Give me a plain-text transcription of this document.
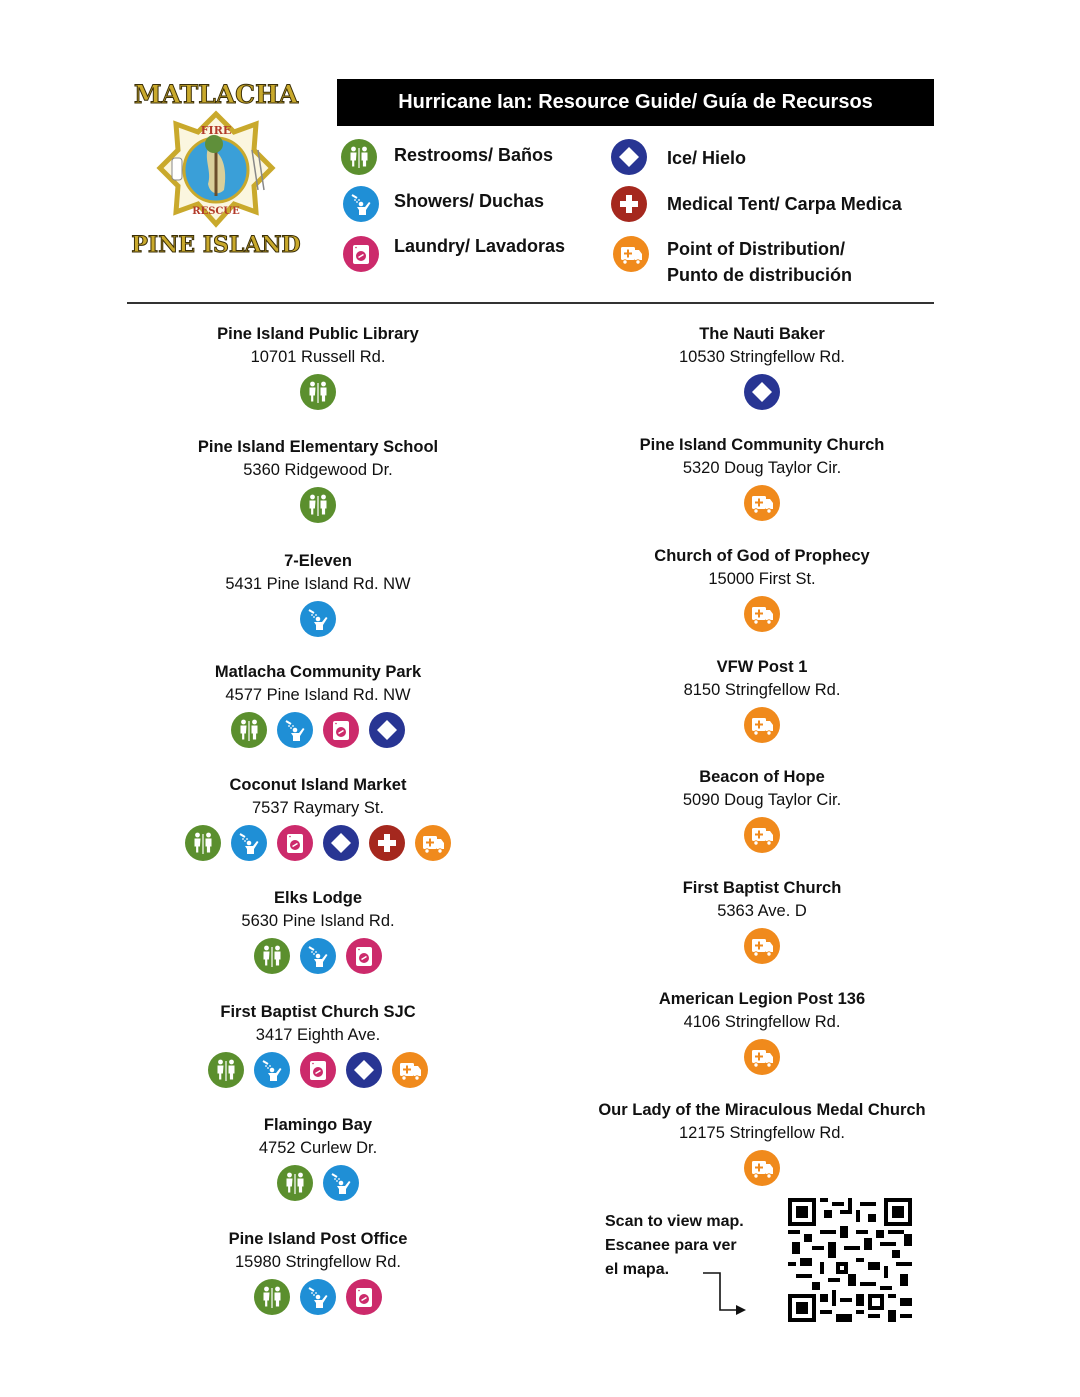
MATLACHA
FIRE
RESCUE
PINE ISLAND
Hurricane Ian: Resource Guide/ Guía de Recursos
Restrooms/ Baños
Showers/ Duchas
Laundry/ Lavadoras
Ice/ Hielo
Medical Tent/ Carpa Medica
Point of Distribution/
Punto de distribución
Pine Island Public Library
10701 Russell Rd.
Pine Island Elementary School
5360 Ridgewood Dr.
7-Eleven
5431 Pine Island Rd. NW
Matlacha Community Park
4577 Pine Island Rd. NW
Coconut Island Market
7537 Raymary St.
Elks Lodge
5630 Pine Island Rd.
First Baptist Church SJC
3417 Eighth Ave.
Flamingo Bay
4752 Curlew Dr.
Pine Island Post Office
15980 Stringfellow Rd.
The Nauti Baker
10530 Stringfellow Rd.
Pine Island Community Church
5320 Doug Taylor Cir.
Church of God of Prophecy
15000 First St.
VFW Post 1
8150 Stringfellow Rd.
Beacon of Hope
5090 Doug Taylor Cir.
First Baptist Church
5363 Ave. D
American Legion Post 136
4106 Stringfellow Rd.
Our Lady of the Miraculous Medal Church
12175 Stringfellow Rd.
Scan to view map.
Escanee para ver
el mapa.
